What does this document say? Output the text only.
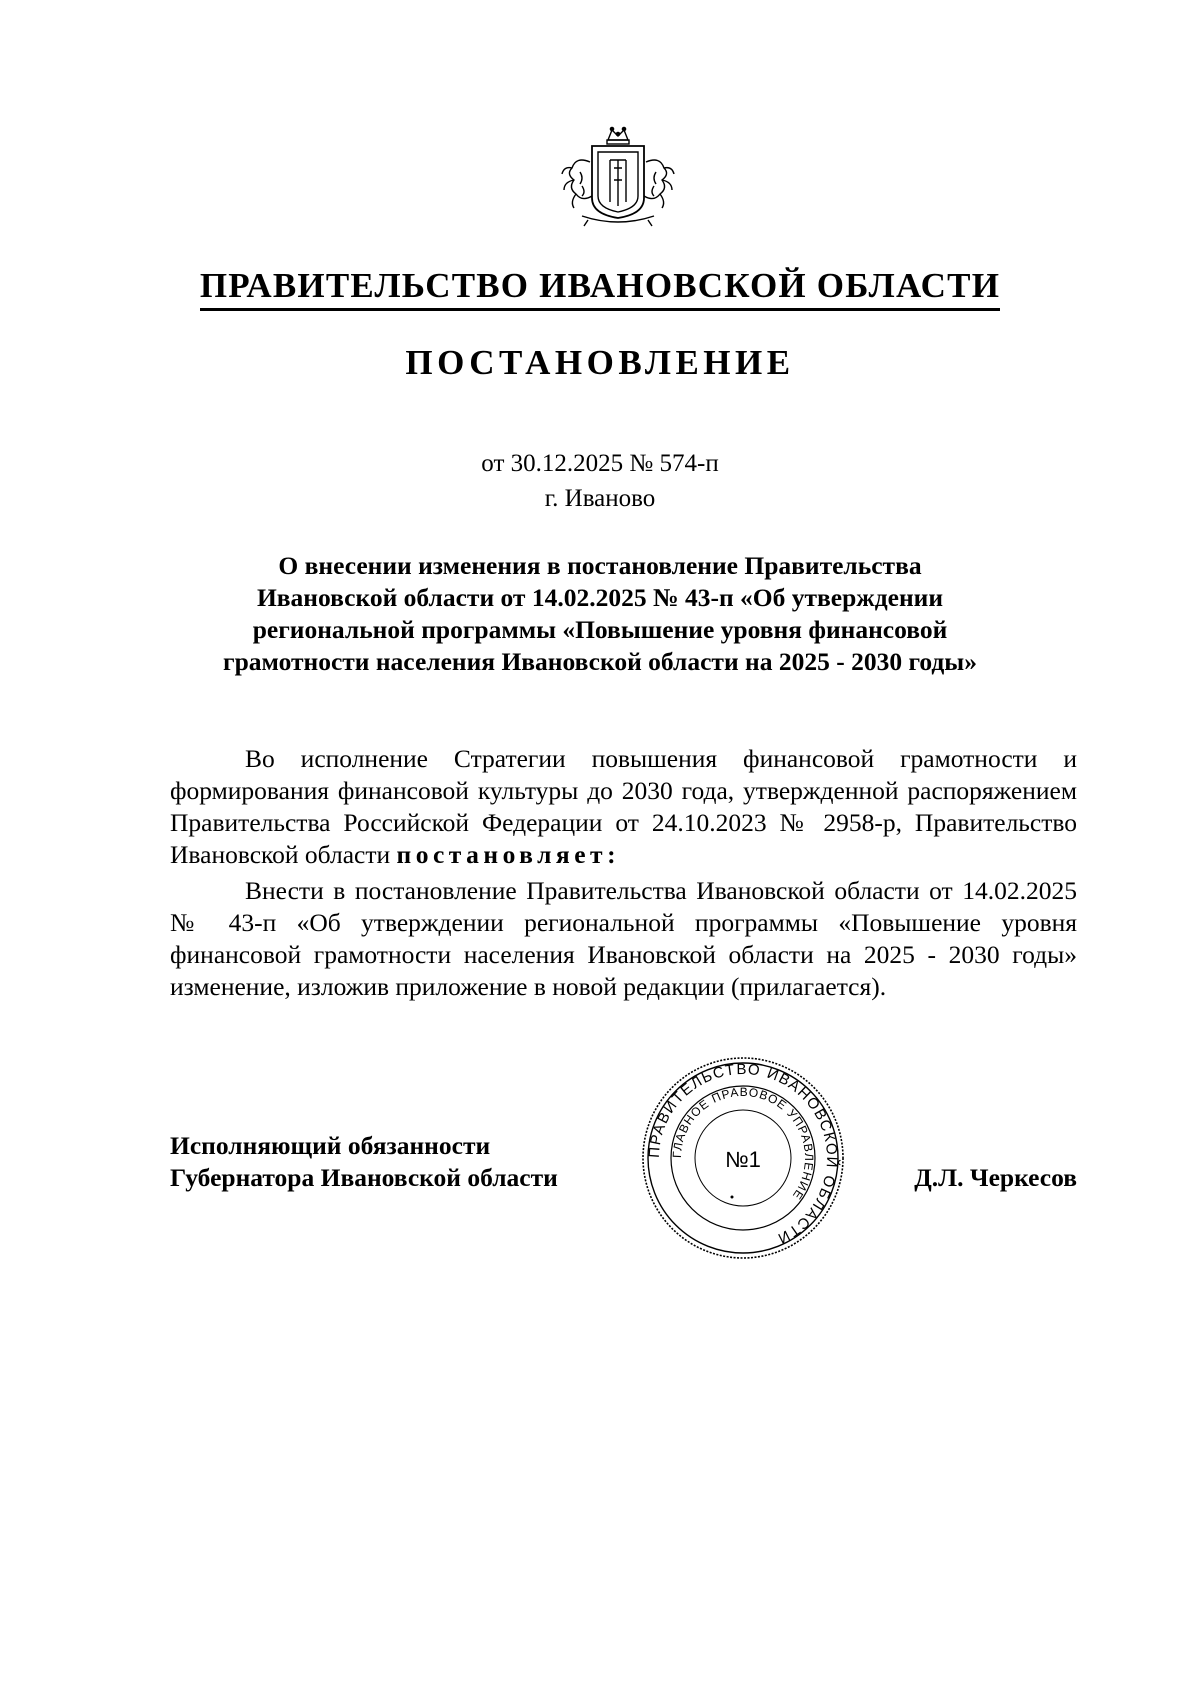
ПРАВИТЕЛЬСТВО ИВАНОВСКОЙ ОБЛАСТИ
ПОСТАНОВЛЕНИЕ
от 30.12.2025 № 574-п
г. Иваново
О внесении изменения в постановление Правительства
Ивановской области от 14.02.2025 № 43-п «Об утверждении
региональной программы «Повышение уровня финансовой
грамотности населения Ивановской области на 2025 - 2030 годы»
Во исполнение Стратегии повышения финансовой грамотности и формирования финансовой культуры до 2030 года, утвержденной распоряжением Правительства Российской Федерации от 24.10.2023 № 2958-р, Правительство Ивановской области постановляет:
Внести в постановление Правительства Ивановской области от 14.02.2025 № 43-п «Об утверждении региональной программы «Повышение уровня финансовой грамотности населения Ивановской области на 2025 - 2030 годы» изменение, изложив приложение в новой редакции (прилагается).
Исполняющий обязанности
Губернатора Ивановской области
ПРАВИТЕЛЬСТВО ИВАНОВСКОЙ ОБЛАСТИ
ГЛАВНОЕ ПРАВОВОЕ УПРАВЛЕНИЕ
№1
Д.Л. Черкесов
